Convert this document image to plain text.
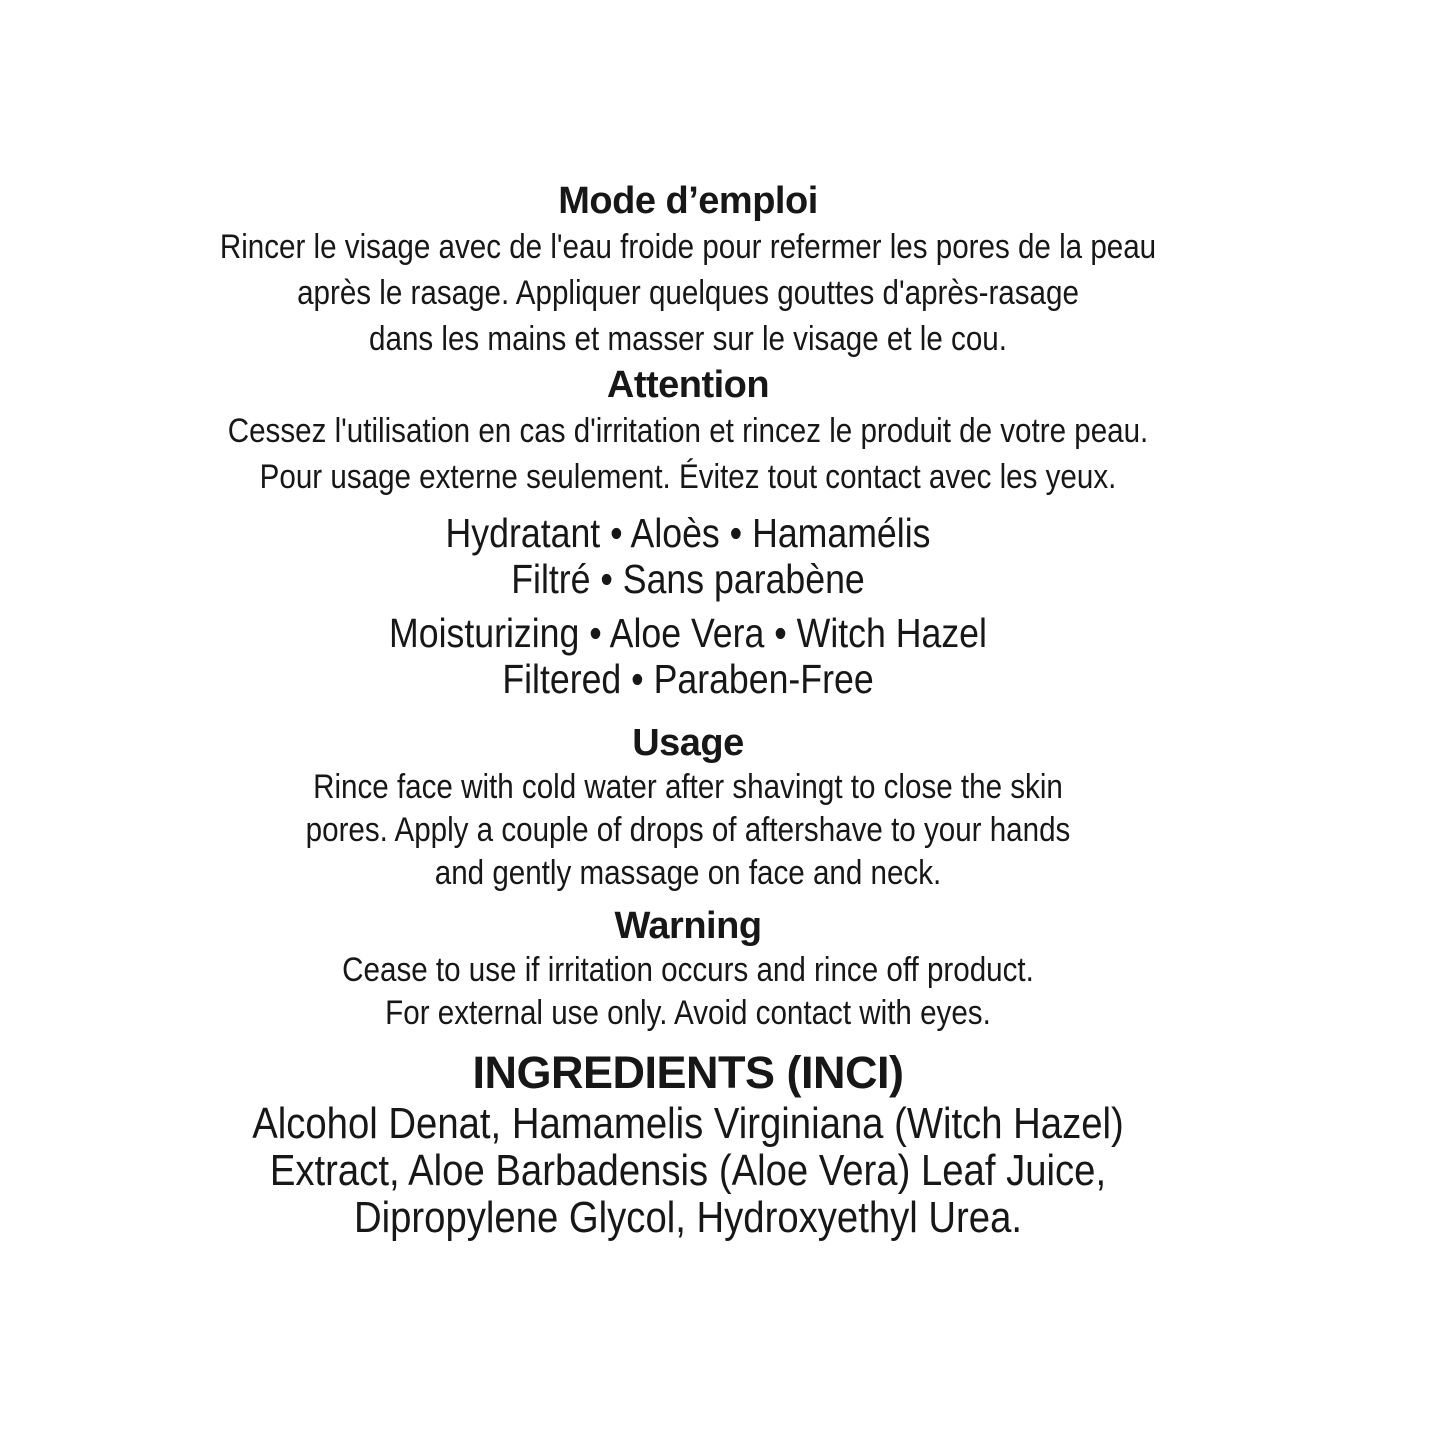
Mode d’emploi
Rincer le visage avec de l'eau froide pour refermer les pores de la peau
après le rasage. Appliquer quelques gouttes d'après-rasage
dans les mains et masser sur le visage et le cou.
Attention
Cessez l'utilisation en cas d'irritation et rincez le produit de votre peau.
Pour usage externe seulement. Évitez tout contact avec les yeux.
Hydratant • Aloès • Hamamélis
Filtré • Sans parabène
Moisturizing • Aloe Vera • Witch Hazel
Filtered • Paraben-Free
Usage
Rince face with cold water after shavingt to close the skin
pores. Apply a couple of drops of aftershave to your hands
and gently massage on face and neck.
Warning
Cease to use if irritation occurs and rince off product.
For external use only. Avoid contact with eyes.
INGREDIENTS (INCI)
Alcohol Denat, Hamamelis Virginiana (Witch Hazel)
Extract, Aloe Barbadensis (Aloe Vera) Leaf Juice,
Dipropylene Glycol, Hydroxyethyl Urea.
